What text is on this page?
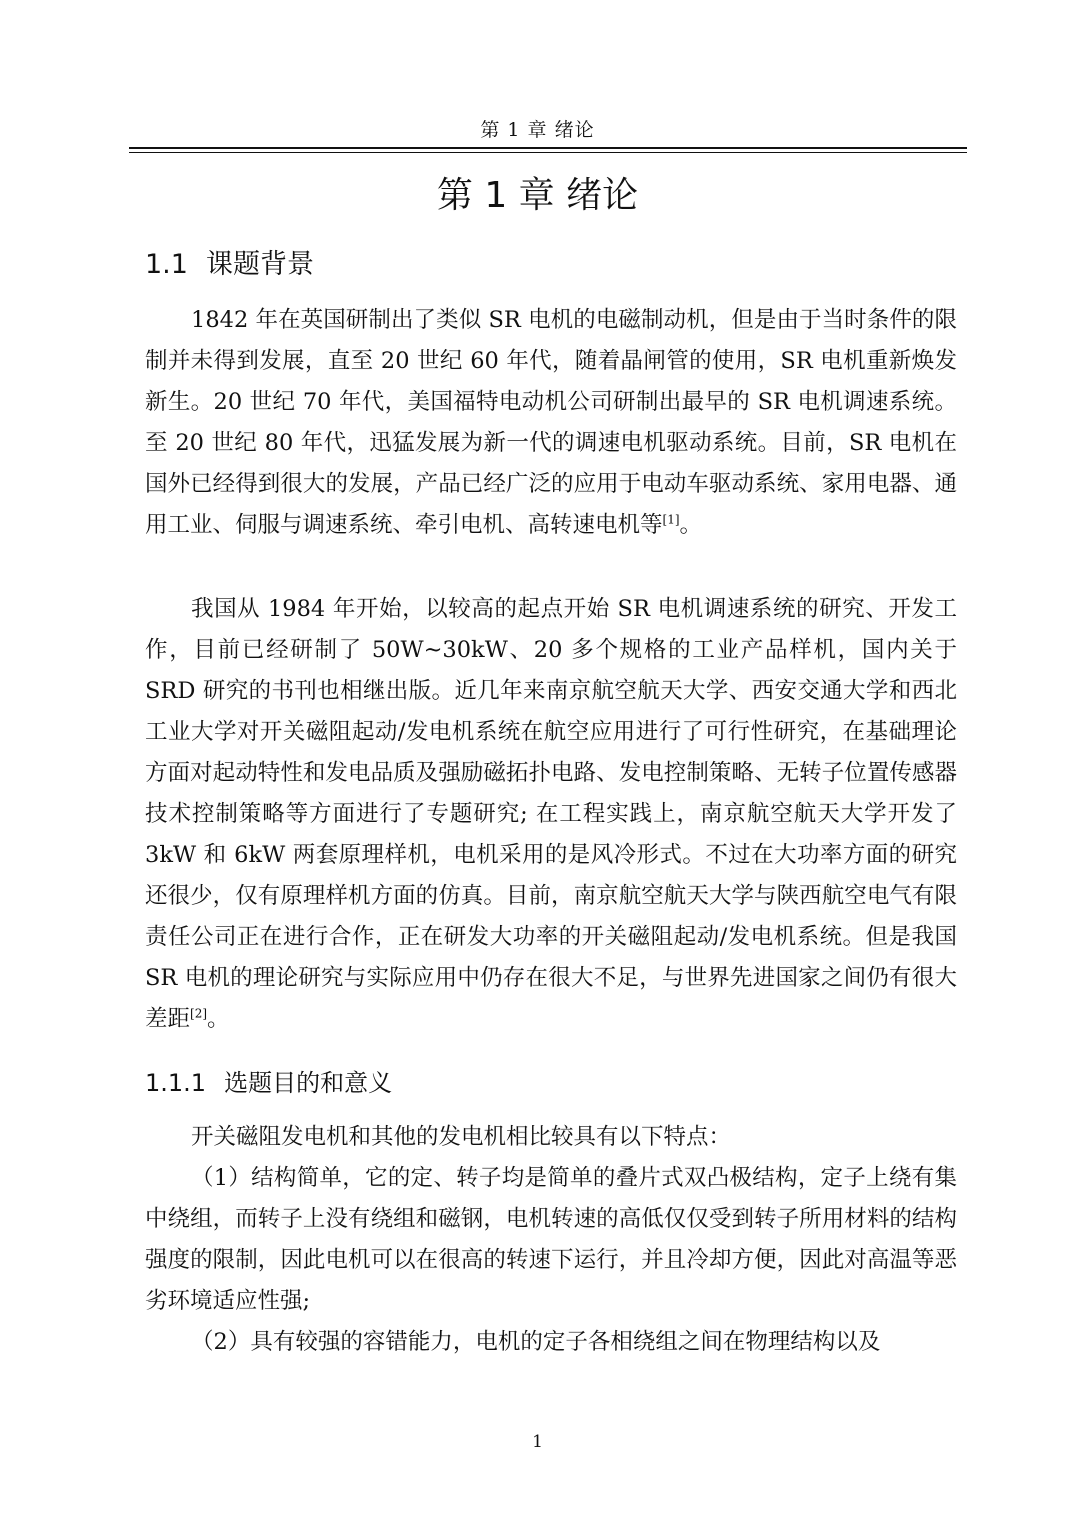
第 1 章 绪论
第 1 章 绪论
1.1 课题背景

1842 年在英国研制出了类似 SR 电机的电磁制动机，但是由于当时条件的限制并未得到发展，直至 20 世纪 60 年代，随着晶闸管的使用，SR 电机重新焕发新生。20 世纪 70 年代，美国福特电动机公司研制出最早的 SR 电机调速系统。至 20 世纪 80 年代，迅猛发展为新一代的调速电机驱动系统。目前，SR 电机在国外已经得到很大的发展，产品已经广泛的应用于电动车驱动系统、家用电器、通用工业、伺服与调速系统、牵引电机、高转速电机等[1]。

我国从 1984 年开始，以较高的起点开始 SR 电机调速系统的研究、开发工作，目前已经研制了 50W~30kW、20 多个规格的工业产品样机，国内关于 SRD 研究的书刊也相继出版。近几年来南京航空航天大学、西安交通大学和西北工业大学对开关磁阻起动/发电机系统在航空应用进行了可行性研究，在基础理论方面对起动特性和发电品质及强励磁拓扑电路、发电控制策略、无转子位置传感器技术控制策略等方面进行了专题研究; 在工程实践上，南京航空航天大学开发了 3kW 和 6kW 两套原理样机，电机采用的是风冷形式。不过在大功率方面的研究还很少，仅有原理样机方面的仿真。目前，南京航空航天大学与陕西航空电气有限责任公司正在进行合作，正在研发大功率的开关磁阻起动/发电机系统。但是我国 SR 电机的理论研究与实际应用中仍存在很大不足，与世界先进国家之间仍有很大差距[2]。

1.1.1 选题目的和意义

开关磁阻发电机和其他的发电机相比较具有以下特点：

（1）结构简单，它的定、转子均是简单的叠片式双凸极结构，定子上绕有集中绕组，而转子上没有绕组和磁钢，电机转速的高低仅仅受到转子所用材料的结构强度的限制，因此电机可以在很高的转速下运行，并且冷却方便，因此对高温等恶劣环境适应性强;

（2）具有较强的容错能力，电机的定子各相绕组之间在物理结构以及

1
